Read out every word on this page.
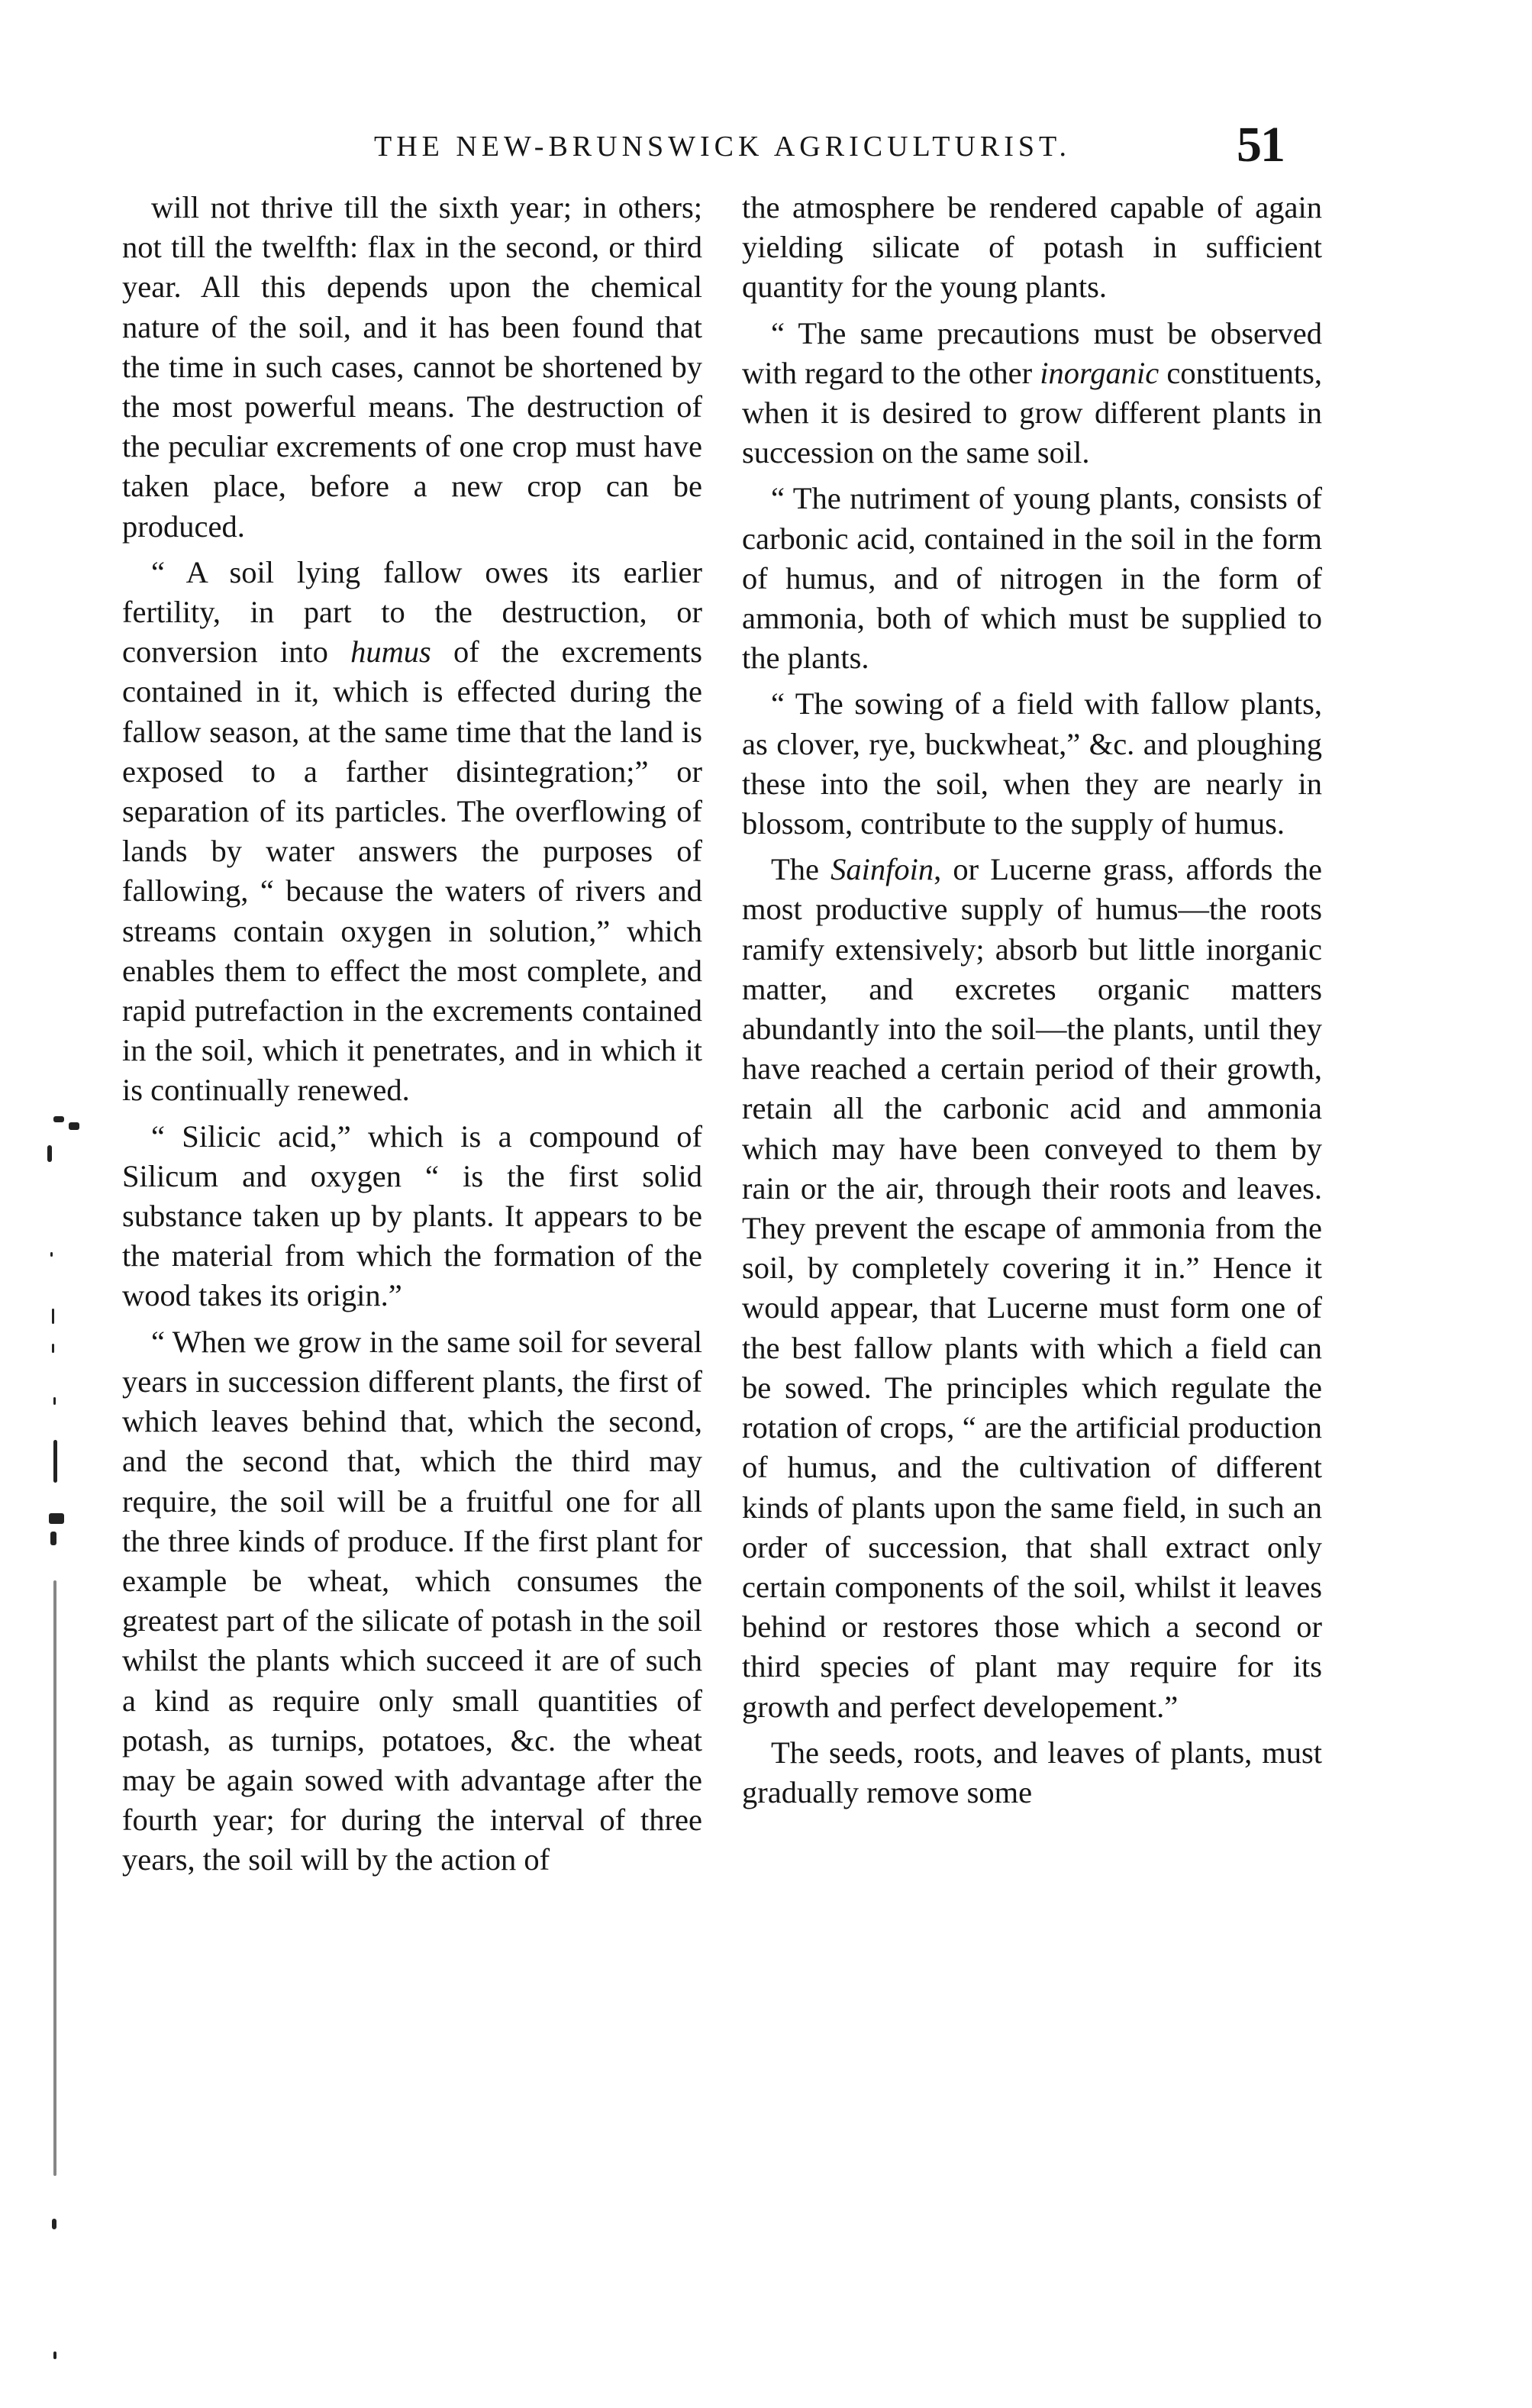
THE NEW-BRUNSWICK AGRICULTURIST.	51

will not thrive till the sixth year; in others; not till the twelfth: flax in the second, or third year. All this depends upon the chemical nature of the soil, and it has been found that the time in such cases, cannot be shortened by the most powerful means. The destruction of the peculiar excrements of one crop must have taken place, before a new crop can be produced.

“ A soil lying fallow owes its earlier fertility, in part to the destruction, or conversion into humus of the excrements contained in it, which is effected during the fallow season, at the same time that the land is exposed to a farther disintegration;” or separation of its particles. The overflowing of lands by water answers the purposes of fallowing, “ because the waters of rivers and streams contain oxygen in solution,” which enables them to effect the most complete, and rapid putrefaction in the excrements contained in the soil, which it penetrates, and in which it is continually renewed.

“ Silicic acid,” which is a compound of Silicum and oxygen “ is the first solid substance taken up by plants. It appears to be the material from which the formation of the wood takes its origin.”

“ When we grow in the same soil for several years in succession different plants, the first of which leaves behind that, which the second, and the second that, which the third may require, the soil will be a fruitful one for all the three kinds of produce. If the first plant for example be wheat, which consumes the greatest part of the silicate of potash in the soil whilst the plants which succeed it are of such a kind as require only small quantities of potash, as turnips, potatoes, &c. the wheat may be again sowed with advantage after the fourth year; for during the interval of three years, the soil will by the action of

the atmosphere be rendered capable of again yielding silicate of potash in sufficient quantity for the young plants.

“ The same precautions must be observed with regard to the other inorganic constituents, when it is desired to grow different plants in succession on the same soil.

“ The nutriment of young plants, consists of carbonic acid, contained in the soil in the form of humus, and of nitrogen in the form of ammonia, both of which must be supplied to the plants.

“ The sowing of a field with fallow plants, as clover, rye, buckwheat,” &c. and ploughing these into the soil, when they are nearly in blossom, contribute to the supply of humus.

The Sainfoin, or Lucerne grass, affords the most productive supply of humus—the roots ramify extensively; absorb but little inorganic matter, and excretes organic matters abundantly into the soil—the plants, until they have reached a certain period of their growth, retain all the carbonic acid and ammonia which may have been conveyed to them by rain or the air, through their roots and leaves. They prevent the escape of ammonia from the soil, by completely covering it in.” Hence it would appear, that Lucerne must form one of the best fallow plants with which a field can be sowed. The principles which regulate the rotation of crops, “ are the artificial production of humus, and the cultivation of different kinds of plants upon the same field, in such an order of succession, that shall extract only certain components of the soil, whilst it leaves behind or restores those which a second or third species of plant may require for its growth and perfect developement.”

The seeds, roots, and leaves of plants, must gradually remove some
